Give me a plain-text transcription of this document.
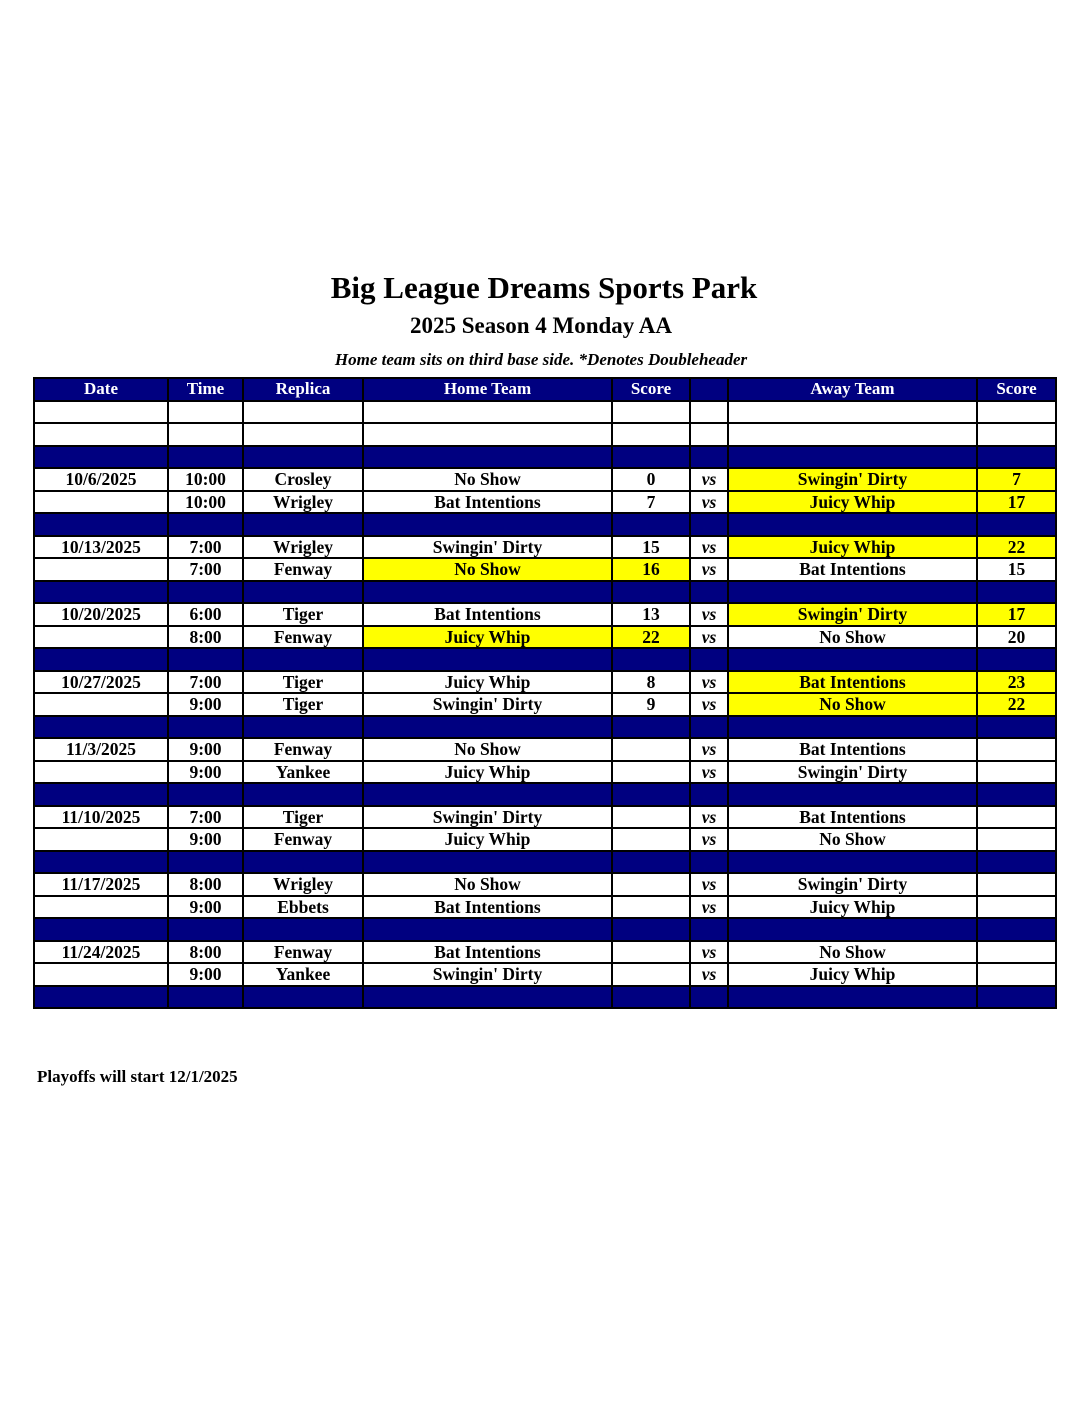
Big League Dreams Sports Park
2025 Season 4 Monday AA
Home team sits on third base side. *Denotes Doubleheader
Date	Time	Replica	Home Team	Score		Away Team	Score

10/6/2025	10:00	Crosley	No Show	0	vs	Swingin' Dirty	7
	10:00	Wrigley	Bat Intentions	7	vs	Juicy Whip	17

10/13/2025	7:00	Wrigley	Swingin' Dirty	15	vs	Juicy Whip	22
	7:00	Fenway	No Show	16	vs	Bat Intentions	15

10/20/2025	6:00	Tiger	Bat Intentions	13	vs	Swingin' Dirty	17
	8:00	Fenway	Juicy Whip	22	vs	No Show	20

10/27/2025	7:00	Tiger	Juicy Whip	8	vs	Bat Intentions	23
	9:00	Tiger	Swingin' Dirty	9	vs	No Show	22

11/3/2025	9:00	Fenway	No Show		vs	Bat Intentions	
	9:00	Yankee	Juicy Whip		vs	Swingin' Dirty	

11/10/2025	7:00	Tiger	Swingin' Dirty		vs	Bat Intentions	
	9:00	Fenway	Juicy Whip		vs	No Show	

11/17/2025	8:00	Wrigley	No Show		vs	Swingin' Dirty	
	9:00	Ebbets	Bat Intentions		vs	Juicy Whip	

11/24/2025	8:00	Fenway	Bat Intentions		vs	No Show	
	9:00	Yankee	Swingin' Dirty		vs	Juicy Whip	

Playoffs will start 12/1/2025
